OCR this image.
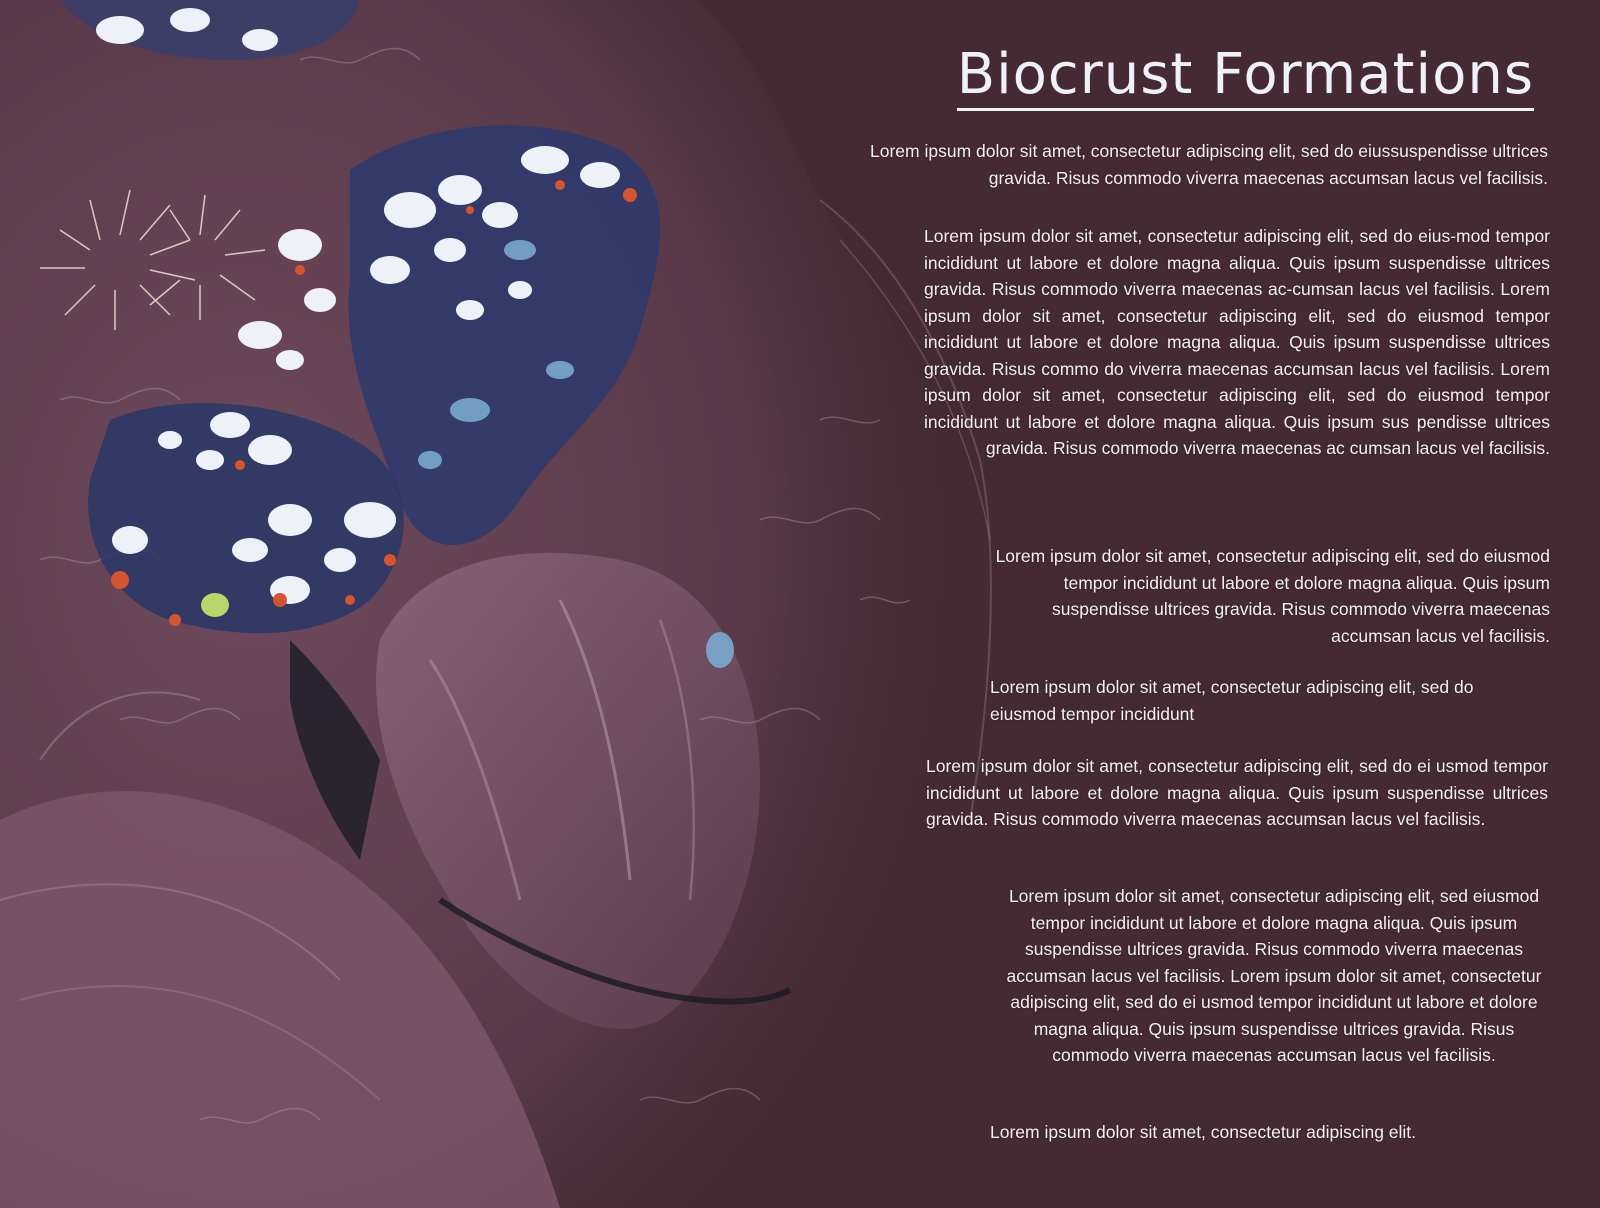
Biocrust Formations

Lorem ipsum dolor sit amet, consectetur adipiscing elit, sed do eiussuspendisse ultrices gravida. Risus commodo viverra maecenas accumsan lacus vel facilisis.

Lorem ipsum dolor sit amet, consectetur adipiscing elit, sed do eius-mod tempor incididunt ut labore et dolore magna aliqua. Quis ipsum suspendisse ultrices gravida. Risus commodo viverra maecenas ac-cumsan lacus vel facilisis. Lorem ipsum dolor sit amet, consectetur adipiscing elit, sed do eiusmod tempor incididunt ut labore et dolore magna aliqua. Quis ipsum suspendisse ultrices gravida. Risus commo do viverra maecenas accumsan lacus vel facilisis. Lorem ipsum dolor sit amet, consectetur adipiscing elit, sed do eiusmod tempor incididunt ut labore et dolore magna aliqua. Quis ipsum sus pendisse ultrices gravida. Risus commodo viverra maecenas ac cumsan lacus vel facilisis.

Lorem ipsum dolor sit amet, consectetur adipiscing elit, sed do eiusmod tempor incididunt ut labore et dolore magna aliqua. Quis ipsum suspendisse ultrices gravida. Risus commodo viverra maecenas accumsan lacus vel facilisis.

Lorem ipsum dolor sit amet, consectetur adipiscing elit, sed do eiusmod tempor incididunt

Lorem ipsum dolor sit amet, consectetur adipiscing elit, sed do ei usmod tempor incididunt ut labore et dolore magna aliqua. Quis ipsum suspendisse ultrices gravida. Risus commodo viverra maecenas accumsan lacus vel facilisis.

Lorem ipsum dolor sit amet, consectetur adipiscing elit, sed eiusmod tempor incididunt ut labore et dolore magna aliqua. Quis ipsum suspendisse ultrices gravida. Risus commodo viverra maecenas accumsan lacus vel facilisis. Lorem ipsum dolor sit amet, consectetur adipiscing elit, sed do ei usmod tempor incididunt ut labore et dolore magna aliqua. Quis ipsum suspendisse ultrices gravida. Risus commodo viverra maecenas accumsan lacus vel facilisis.

Lorem ipsum dolor sit amet, consectetur adipiscing elit.
